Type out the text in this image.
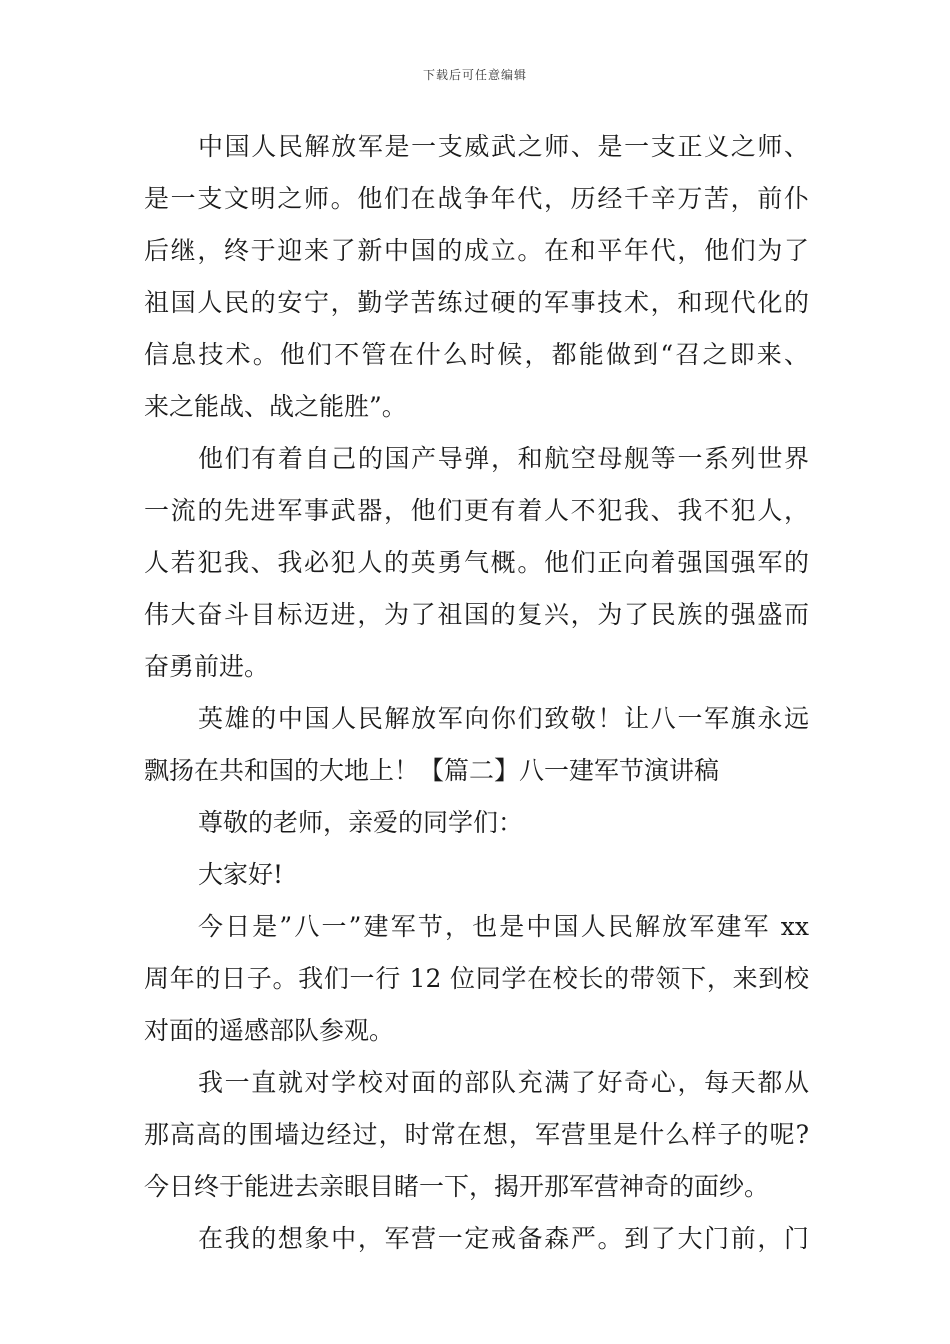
下载后可任意编辑
中国人民解放军是一支威武之师、是一支正义之师、
是一支文明之师。他们在战争年代，历经千辛万苦，前仆
后继，终于迎来了新中国的成立。在和平年代，他们为了
祖国人民的安宁，勤学苦练过硬的军事技术，和现代化的
信息技术。他们不管在什么时候，都能做到“召之即来、
来之能战、战之能胜”。
他们有着自己的国产导弹，和航空母舰等一系列世界
一流的先进军事武器，他们更有着人不犯我、我不犯人，
人若犯我、我必犯人的英勇气概。他们正向着强国强军的
伟大奋斗目标迈进，为了祖国的复兴，为了民族的强盛而
奋勇前进。
英雄的中国人民解放军向你们致敬！让八一军旗永远
飘扬在共和国的大地上！【篇二】八一建军节演讲稿
尊敬的老师，亲爱的同学们：
大家好!
今日是”八一”建军节，也是中国人民解放军建军 xx
周年的日子。我们一行 12 位同学在校长的带领下，来到校
对面的遥感部队参观。
我一直就对学校对面的部队充满了好奇心，每天都从
那高高的围墙边经过，时常在想，军营里是什么样子的呢?
今日终于能进去亲眼目睹一下，揭开那军营神奇的面纱。
在我的想象中，军营一定戒备森严。到了大门前，门
